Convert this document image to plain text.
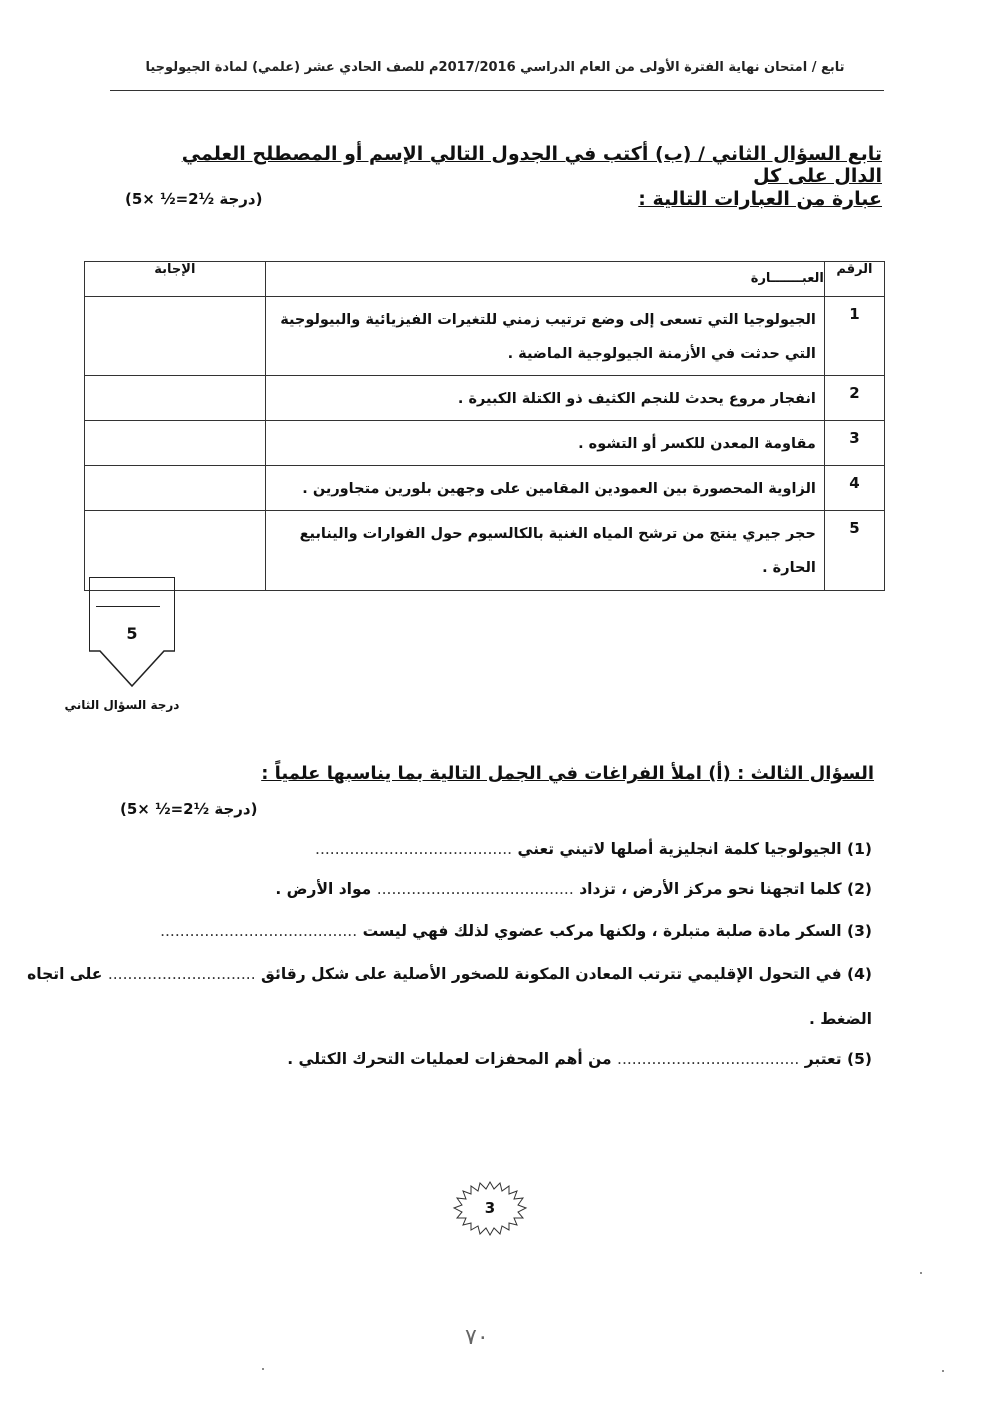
تابع / امتحان نهاية الفترة الأولى من العام الدراسي 2017/2016م للصف الحادي عشر (علمي) لمادة الجيولوجيا
تابع السؤال الثاني / (ب) أكتب في الجدول التالي الإسم أو المصطلح العلمي الدال على كل
عبارة من العبارات التالية :
(5× ½=2½ درجة)
الرقم	العبـــــــارة	الإجابة
1	الجيولوجيا التي تسعى إلى وضع ترتيب زمني للتغيرات الفيزيائية والبيولوجية التي حدثت في الأزمنة الجيولوجية الماضية .	
2	انفجار مروع يحدث للنجم الكثيف ذو الكتلة الكبيرة .	
3	مقاومة المعدن للكسر أو التشوه .	
4	الزاوية المحصورة بين العمودين المقامين على وجهين بلورين متجاورين .	
5	حجر جيري ينتج من ترشح المياه الغنية بالكالسيوم حول الفوارات والينابيع الحارة .	
5
درجة السؤال الثاني
السؤال الثالث : (أ) املأ الفراغات في الجمل التالية بما يناسبها علمياً :
(5× ½=2½ درجة)
(1) الجيولوجيا كلمة انجليزية أصلها لاتيني تعني ........................................
(2) كلما اتجهنا نحو مركز الأرض ، تزداد ........................................ مواد الأرض .
(3) السكر مادة صلبة متبلرة ، ولكنها مركب عضوي لذلك فهي ليست ........................................
(4) في التحول الإقليمي تترتب المعادن المكونة للصخور الأصلية على شكل رقائق .............................. على اتجاه
الضغط .
(5) تعتبر ..................................... من أهم المحفزات لعمليات التحرك الكتلي .
3
٧٠
